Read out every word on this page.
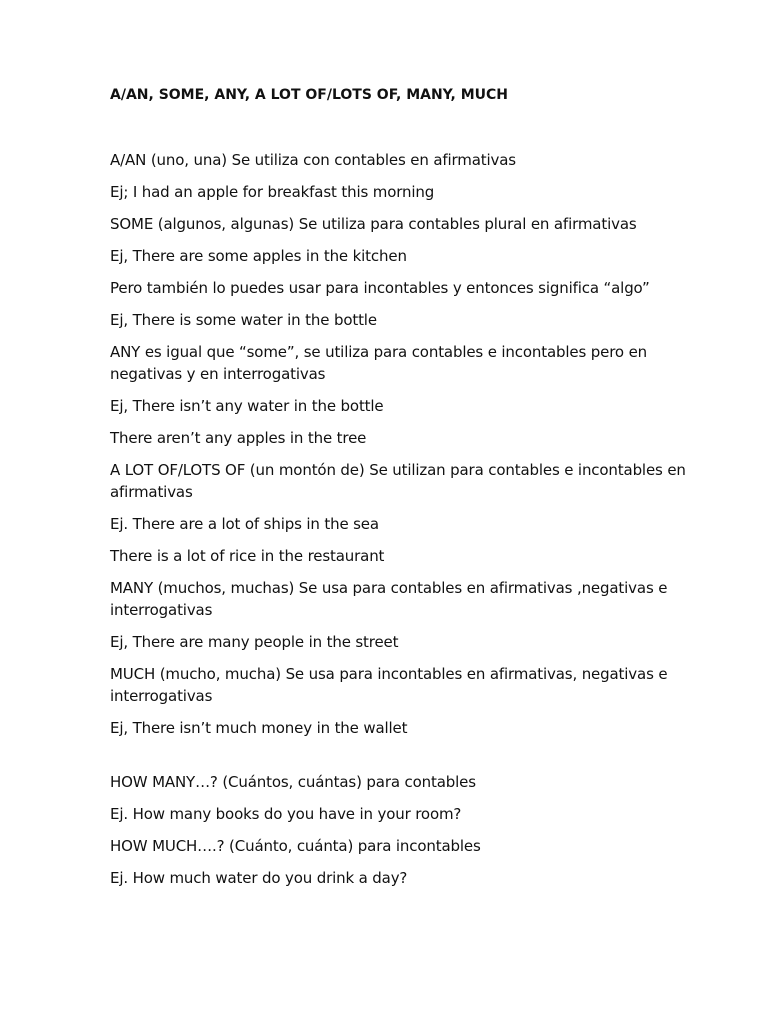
A/AN, SOME, ANY, A LOT OF/LOTS OF, MANY, MUCH

A/AN (uno, una) Se utiliza con contables en afirmativas

Ej; I had an apple for breakfast this morning

SOME (algunos, algunas) Se utiliza para contables plural en afirmativas

Ej, There are some apples in the kitchen

Pero también lo puedes usar para incontables y entonces significa “algo”

Ej, There is some water in the bottle

ANY es igual que “some”, se utiliza para contables e incontables pero en negativas y en interrogativas

Ej, There isn’t any water in the bottle

There aren’t any apples in the tree

A LOT OF/LOTS OF (un montón de) Se utilizan para contables e incontables en afirmativas

Ej. There are a lot of ships in the sea

There is a lot of rice in the restaurant

MANY (muchos, muchas) Se usa para contables en afirmativas ,negativas e interrogativas

Ej, There are many people in the street

MUCH (mucho, mucha) Se usa para incontables en afirmativas, negativas e interrogativas

Ej, There isn’t much money in the wallet

HOW MANY…? (Cuántos, cuántas) para contables

Ej. How many books do you have in your room?

HOW MUCH….? (Cuánto, cuánta) para incontables

Ej. How much water do you drink a day?
